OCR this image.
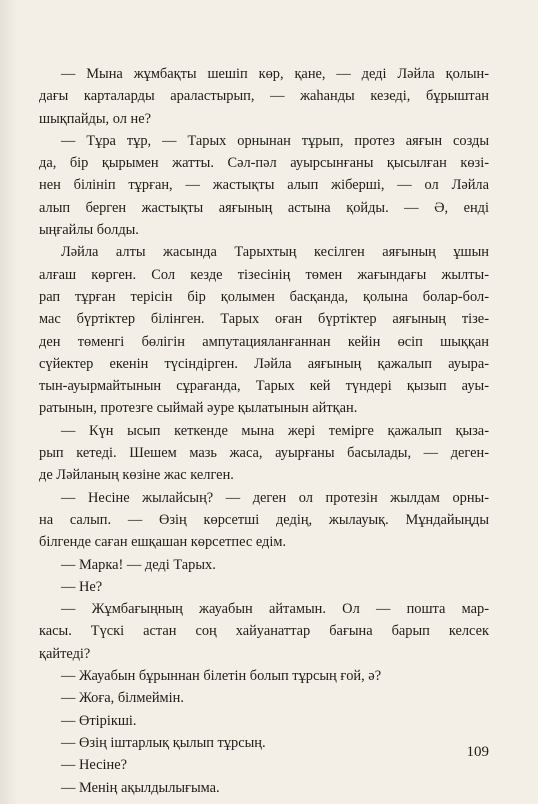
— Мына жұмбақты шешіп көр, қане, — деді Ләйла қолын-
дағы карталарды араластырып, — жаһанды кезеді, бұрыштан
шықпайды, ол не?
— Тұра тұр, — Тарых орнынан тұрып, протез аяғын созды
да, бір қырымен жатты. Сәл-пәл ауырсынғаны қысылған көзі-
нен білініп тұрған, — жастықты алып жіберші, — ол Ләйла
алып берген жастықты аяғының астына қойды. — Ә, енді
ыңғайлы болды.
Ләйла алты жасында Тарыхтың кесілген аяғының ұшын
алғаш көрген. Сол кезде тізесінің төмен жағындағы жылты-
рап тұрған терісін бір қолымен басқанда, қолына болар-бол-
мас бүртіктер білінген. Тарых оған бүртіктер аяғының тізе-
ден төменгі бөлігін ампутацияланғаннан кейін өсіп шыққан
сүйектер екенін түсіндірген. Ләйла аяғының қажалып ауыра-
тын-ауырмайтынын сұрағанда, Тарых кей түндері қызып ауы-
ратынын, протезге сыймай әуре қылатынын айтқан.
— Күн ысып кеткенде мына жері темірге қажалып қыза-
рып кетеді. Шешем мазь жаса, ауырғаны басылады, — деген-
де Ләйланың көзіне жас келген.
— Несіне жылайсың? — деген ол протезін жылдам орны-
на салып. — Өзің көрсетші дедің, жылауық. Мұндайыңды
білгенде саған ешқашан көрсетпес едім.
— Марка! — деді Тарых.
— Не?
— Жұмбағыңның жауабын айтамын. Ол — пошта мар-
касы. Түскі астан соң хайуанаттар бағына барып келсек
қайтеді?
— Жауабын бұрыннан білетін болып тұрсың ғой, ә?
— Жоға, білмеймін.
— Өтірікші.
— Өзің іштарлық қылып тұрсың.
— Несіне?
— Менің ақылдылығыма.
109
